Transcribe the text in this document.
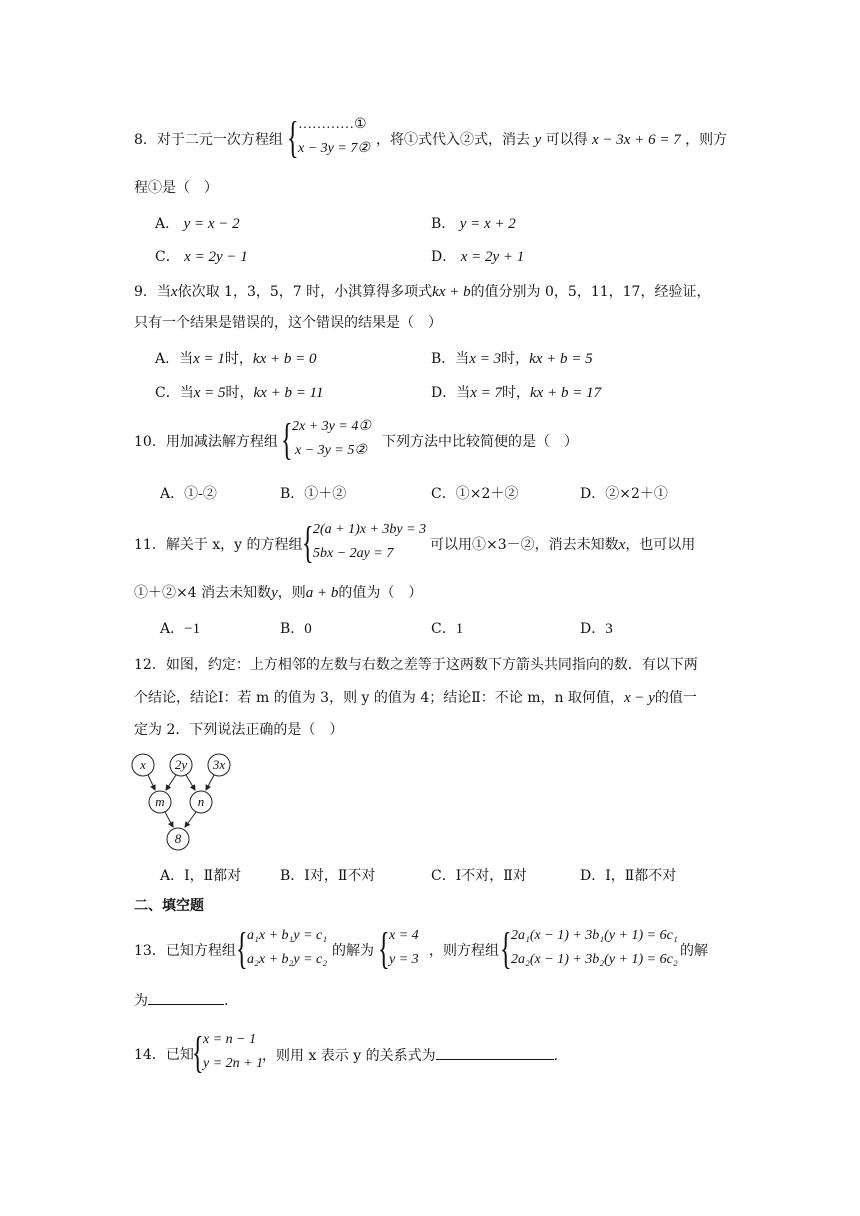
8．对于二元一次方程组 { …………①
x − 3y = 7②
，将①式代入②式，消去 y 可以得 x − 3x + 6 = 7 ，则方
程①是（　）
A． y = x − 2	B． y = x + 2
C． x = 2y − 1	D． x = 2y + 1
9．当x依次取 1，3，5，7 时，小淇算得多项式kx + b的值分别为 0，5，11，17，经验证，
只有一个结果是错误的，这个错误的结果是（　）
A．当x = 1时，kx + b = 0	B．当x = 3时，kx + b = 5
C．当x = 5时，kx + b = 11	D．当x = 7时，kx + b = 17
10．用加减法解方程组 { 2x + 3y = 4①
x − 3y = 5②
下列方法中比较简便的是（　）
A．①-②	B．①＋②	C．①×2＋②	D．②×2＋①
11．解关于 x，y 的方程组 { 2(a + 1)x + 3by = 3
5bx − 2ay = 7
可以用①×3－②，消去未知数x，也可以用
①＋②×4 消去未知数y，则a + b的值为（　）
A．−1	B．0	C．1	D．3
12．如图，约定：上方相邻的左数与右数之差等于这两数下方箭头共同指向的数．有以下两
个结论，结论Ⅰ：若 m 的值为 3，则 y 的值为 4；结论Ⅱ：不论 m，n 取何值，x − y的值一
定为 2．下列说法正确的是（　）
x 2y 3x
m	n
8
A．Ⅰ，Ⅱ都对	B．Ⅰ对，Ⅱ不对	C．Ⅰ不对，Ⅱ对	D．Ⅰ，Ⅱ都不对
二、填空题
13．已知方程组 { a₁x + b₁y = c₁
a₂x + b₂y = c₂
的解为 { x = 4
y = 3
，则方程组 { 2a₁(x − 1) + 3b₁(y + 1) = 6c₁
2a₂(x − 1) + 3b₂(y + 1) = 6c₂
的解
为	.
14．已知
{ x = n − 1
y = 2n + 1
，则用 x 表示 y 的关系式为	.
